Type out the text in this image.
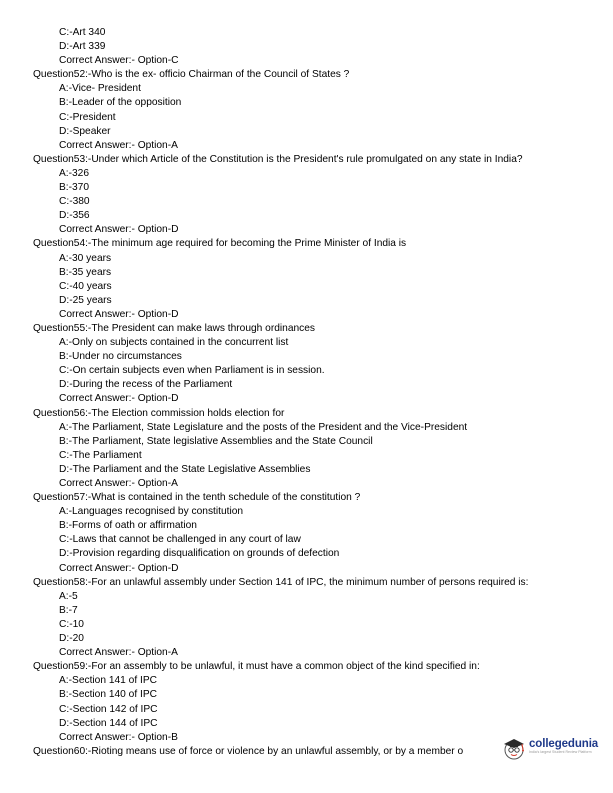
C:-Art 340
D:-Art 339
Correct Answer:- Option-C
Question52:-Who is the ex- officio Chairman of the Council of States ?
A:-Vice- President
B:-Leader of the opposition
C:-President
D:-Speaker
Correct Answer:- Option-A
Question53:-Under which Article of the Constitution is the President's rule promulgated on any state in India?
A:-326
B:-370
C:-380
D:-356
Correct Answer:- Option-D
Question54:-The minimum age required for becoming the Prime Minister of India is
A:-30 years
B:-35 years
C:-40 years
D:-25 years
Correct Answer:- Option-D
Question55:-The President can make laws through ordinances
A:-Only on subjects contained in the concurrent list
B:-Under no circumstances
C:-On certain subjects even when Parliament is in session.
D:-During the recess of the Parliament
Correct Answer:- Option-D
Question56:-The Election commission holds election for
A:-The Parliament, State Legislature and the posts of the President and the Vice-President
B:-The Parliament, State legislative Assemblies and the State Council
C:-The Parliament
D:-The Parliament and the State Legislative Assemblies
Correct Answer:- Option-A
Question57:-What is contained in the tenth schedule of the constitution ?
A:-Languages recognised by constitution
B:-Forms of oath or affirmation
C:-Laws that cannot be challenged in any court of law
D:-Provision regarding disqualification on grounds of defection
Correct Answer:- Option-D
Question58:-For an unlawful assembly under Section 141 of IPC, the minimum number of persons required is:
A:-5
B:-7
C:-10
D:-20
Correct Answer:- Option-A
Question59:-For an assembly to be unlawful, it must have a common object of the kind specified in:
A:-Section 141 of IPC
B:-Section 140 of IPC
C:-Section 142 of IPC
D:-Section 144 of IPC
Correct Answer:- Option-B
Question60:-Rioting means use of force or violence by an unlawful assembly, or by a member o
collegedunia
India's largest Student Review Platform
